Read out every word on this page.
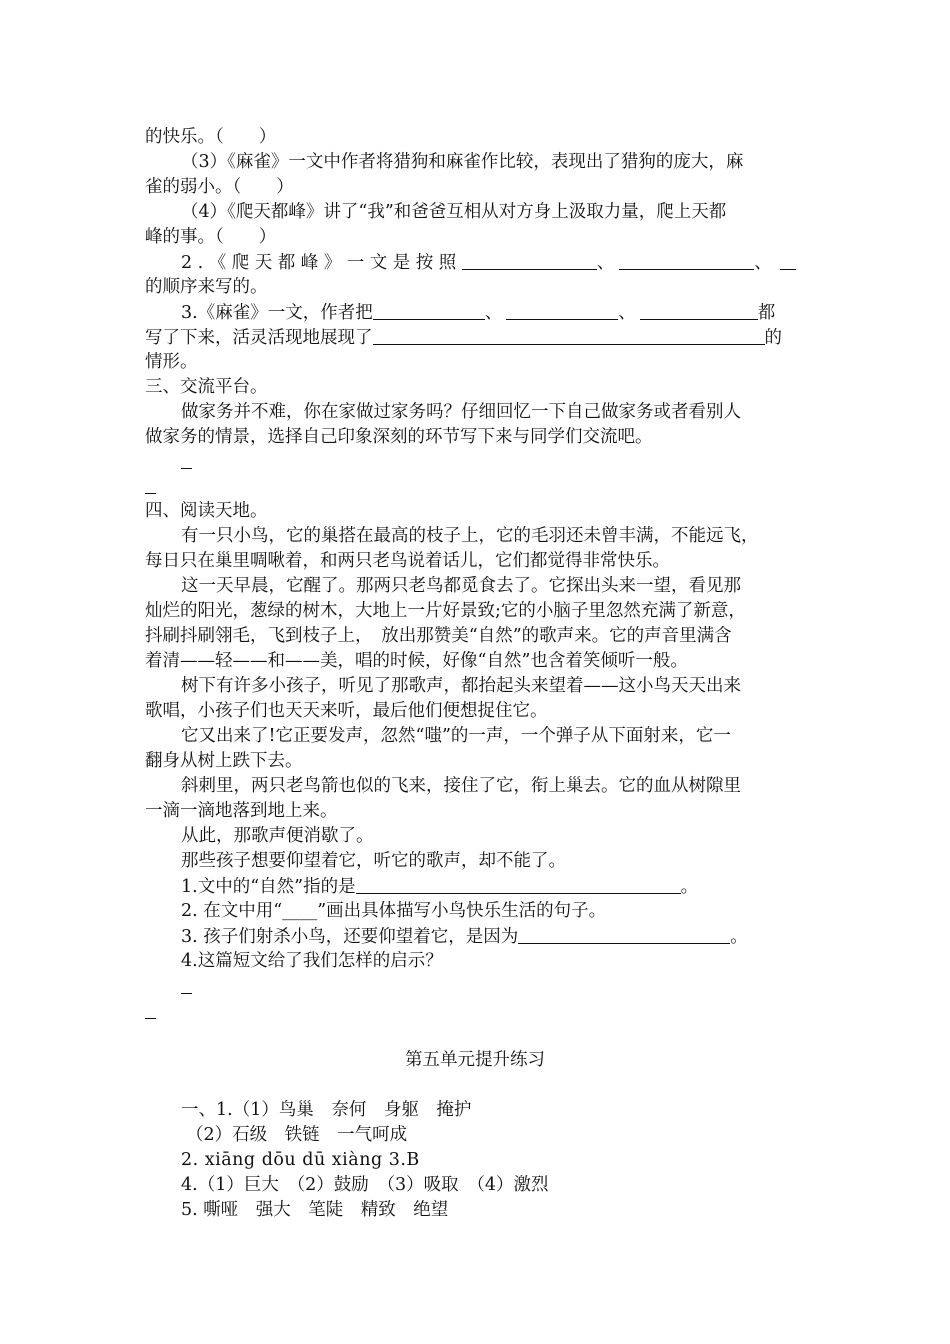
的快乐。（　　）
（3）《麻雀》一文中作者将猎狗和麻雀作比较，表现出了猎狗的庞大，麻
雀的弱小。（　　）
（4）《爬天都峰》讲了“我”和爸爸互相从对方身上汲取力量，爬上天都
峰的事。（　　）
2.《爬天都峰》一文是按照	、	、
的顺序来写的。
3.《麻雀》一文，作者把	、	、	都
写了下来，活灵活现地展现了	的
情形。
三、交流平台。
做家务并不难，你在家做过家务吗？仔细回忆一下自己做家务或者看别人
做家务的情景，选择自己印象深刻的环节写下来与同学们交流吧。
四、阅读天地。
有一只小鸟，它的巢搭在最高的枝子上，它的毛羽还未曾丰满，不能远飞，
每日只在巢里啁啾着，和两只老鸟说着话儿，它们都觉得非常快乐。
这一天早晨，它醒了。那两只老鸟都觅食去了。它探出头来一望，看见那
灿烂的阳光，葱绿的树木，大地上一片好景致;它的小脑子里忽然充满了新意，
抖刷抖刷翎毛，飞到枝子上，　放出那赞美“自然”的歌声来。它的声音里满含
着清——轻——和——美，唱的时候，好像“自然”也含着笑倾听一般。
树下有许多小孩子，听见了那歌声，都抬起头来望着——这小鸟天天出来
歌唱，小孩子们也天天来听，最后他们便想捉住它。
它又出来了!它正要发声，忽然“嗤”的一声，一个弹子从下面射来，它一
翻身从树上跌下去。
斜刺里，两只老鸟箭也似的飞来，接住了它，衔上巢去。它的血从树隙里
一滴一滴地落到地上来。
从此，那歌声便消歇了。
那些孩子想要仰望着它，听它的歌声，却不能了。
1.文中的“自然”指的是	。
2. 在文中用“____”画出具体描写小鸟快乐生活的句子。
3. 孩子们射杀小鸟，还要仰望着它，是因为	。
4.这篇短文给了我们怎样的启示？
第五单元提升练习
一、1.（1）鸟巢　奈何　身躯　掩护
（2）石级　铁链　一气呵成
2. xiāng dōu dū xiàng 3.B
4.（1）巨大　（2）鼓励　（3）吸取　（4）激烈
5. 嘶哑　强大　笔陡　精致　绝望
